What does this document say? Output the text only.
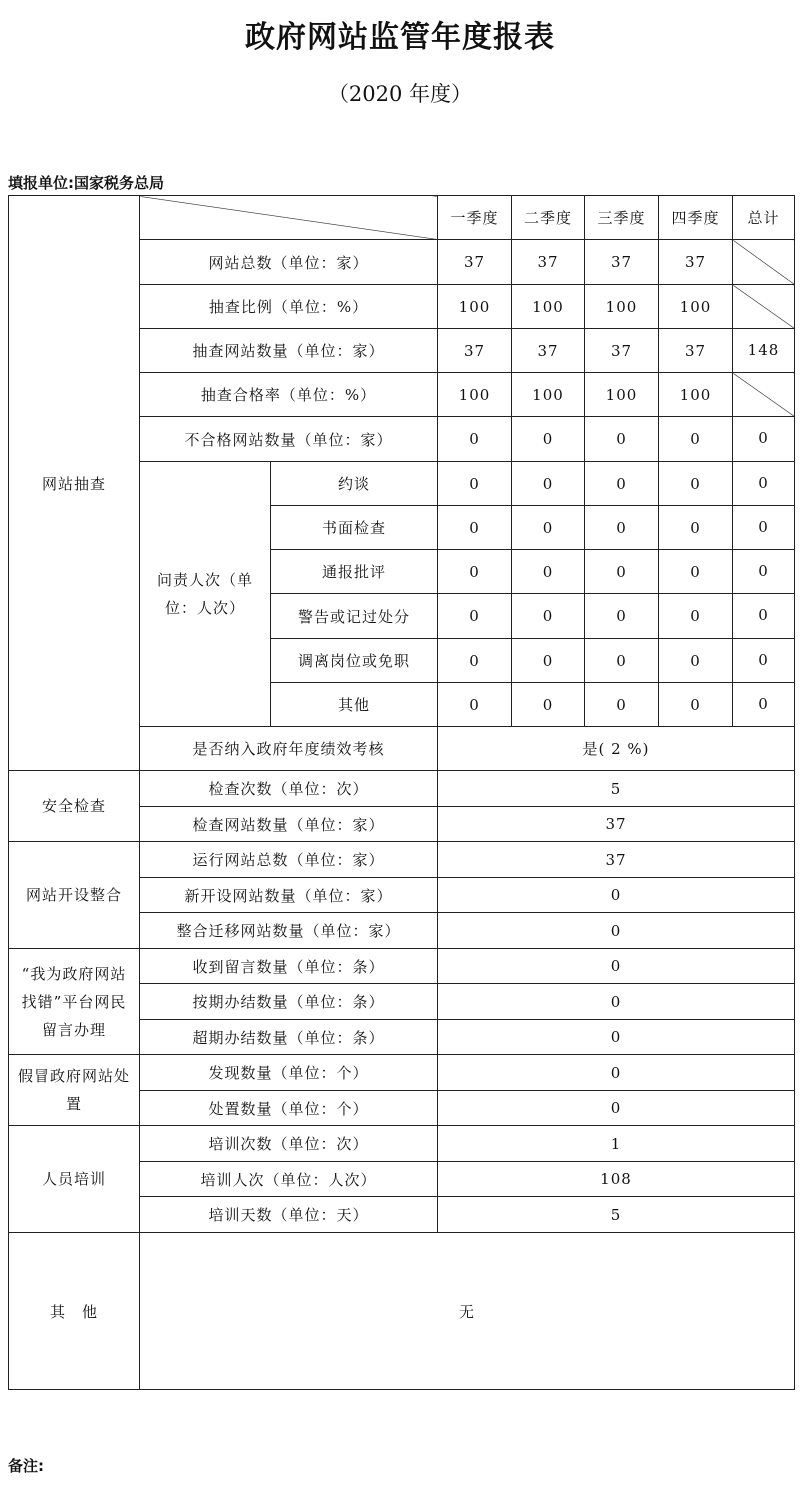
政府网站监管年度报表
（2020 年度）
填报单位:国家税务总局
网站抽查			一季度	二季度	三季度	四季度	总计
	网站总数（单位：家）		37	37	37	37	
	抽查比例（单位：%）		100	100	100	100	
	抽查网站数量（单位：家）		37	37	37	37	148
	抽查合格率（单位：%）		100	100	100	100	
	不合格网站数量（单位：家）		0	0	0	0	0
	问责人次（单位：人次）	约谈	0	0	0	0	0
		书面检查	0	0	0	0	0
		通报批评	0	0	0	0	0
		警告或记过处分	0	0	0	0	0
		调离岗位或免职	0	0	0	0	0
		其他	0	0	0	0	0
	是否纳入政府年度绩效考核		是( 2 %)				
安全检查	检查次数（单位：次）		5				
	检查网站数量（单位：家）		37				
网站开设整合	运行网站总数（单位：家）		37				
	新开设网站数量（单位：家）		0				
	整合迁移网站数量（单位：家）		0				
“我为政府网站找错”平台网民留言办理	收到留言数量（单位：条）		0				
	按期办结数量（单位：条）		0				
	超期办结数量（单位：条）		0				
假冒政府网站处置	发现数量（单位：个）		0				
	处置数量（单位：个）		0				
人员培训	培训次数（单位：次）		1				
	培训人次（单位：人次）		108				
	培训天数（单位：天）		5				
其　他	无						
备注:
